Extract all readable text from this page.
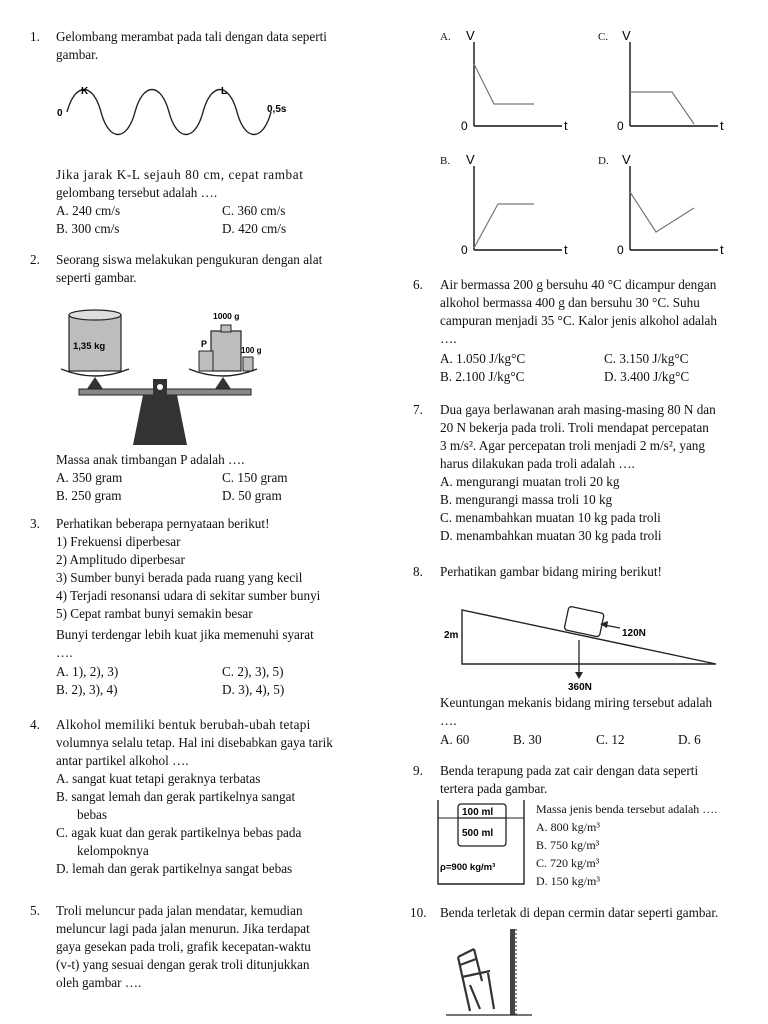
1. Gelombang merambat pada tali dengan data seperti
gambar.
0
K	L
0,5s
Jika jarak K-L sejauh 80 cm, cepat rambat
gelombang tersebut adalah ….
A. 240 cm/s
B. 300 cm/s
C. 360 cm/s
D. 420 cm/s
2. Seorang siswa melakukan pengukuran dengan alat
seperti gambar.
1,35 kg
1000 g
P
100 g
Massa anak timbangan P adalah ….
A. 350 gram
B. 250 gram
C. 150 gram
D. 50 gram
3. Perhatikan beberapa pernyataan berikut!
1) Frekuensi diperbesar
2) Amplitudo diperbesar
3) Sumber bunyi berada pada ruang yang kecil
4) Terjadi resonansi udara di sekitar sumber bunyi
5) Cepat rambat bunyi semakin besar
Bunyi terdengar lebih kuat jika memenuhi syarat
….
A. 1), 2), 3)
B. 2), 3), 4)
C. 2), 3), 5)
D. 3), 4), 5)
4. Alkohol memiliki bentuk berubah-ubah tetapi
volumnya selalu tetap. Hal ini disebabkan gaya tarik
antar partikel alkohol ….
A. sangat kuat tetapi geraknya terbatas
B. sangat lemah dan gerak partikelnya sangat
bebas
C. agak kuat dan gerak partikelnya bebas pada
kelompoknya
D. lemah dan gerak partikelnya sangat bebas
5. Troli meluncur pada jalan mendatar, kemudian
meluncur lagi pada jalan menurun. Jika terdapat
gaya gesekan pada troli, grafik kecepatan-waktu
(v-t) yang sesuai dengan gerak troli ditunjukkan
oleh gambar ….
A. V
0	t
C. V
0	t
B. V
0	t
D. V
0	t
6. Air bermassa 200 g bersuhu 40 °C dicampur dengan
alkohol bermassa 400 g dan bersuhu 30 °C. Suhu
campuran menjadi 35 °C. Kalor jenis alkohol adalah
….
A. 1.050 J/kg°C
B. 2.100 J/kg°C
C. 3.150 J/kg°C
D. 3.400 J/kg°C
7. Dua gaya berlawanan arah masing-masing 80 N dan
20 N bekerja pada troli. Troli mendapat percepatan
3 m/s². Agar percepatan troli menjadi 2 m/s², yang
harus dilakukan pada troli adalah ….
A. mengurangi muatan troli 20 kg
B. mengurangi massa troli 10 kg
C. menambahkan muatan 10 kg pada troli
D. menambahkan muatan 30 kg pada troli
8. Perhatikan gambar bidang miring berikut!
2m	120N
360N
Keuntungan mekanis bidang miring tersebut adalah
….
A. 60	B. 30	C. 12	D. 6
9. Benda terapung pada zat cair dengan data seperti
tertera pada gambar.
100 ml
500 ml
ρ=900 kg/m³
Massa jenis benda tersebut adalah ….
A. 800 kg/m³
B. 750 kg/m³
C. 720 kg/m³
D. 150 kg/m³
10. Benda terletak di depan cermin datar seperti gambar.
